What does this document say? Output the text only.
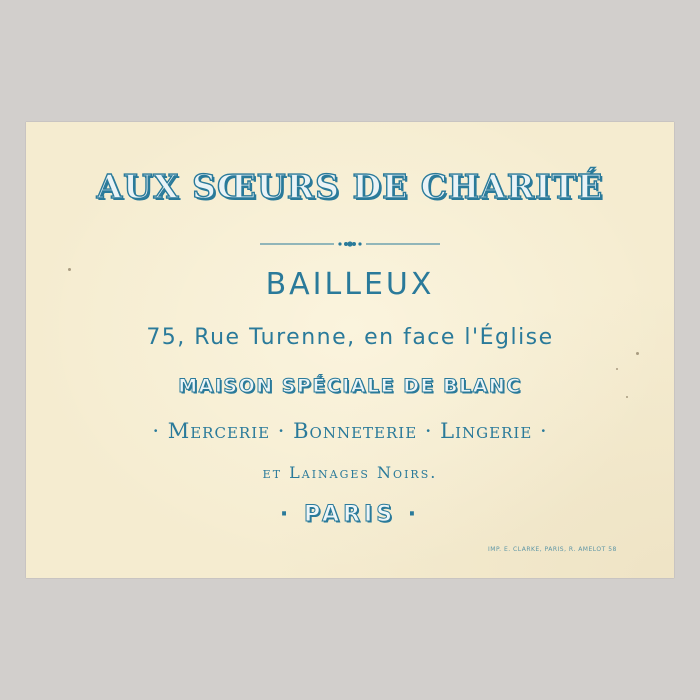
AUX SŒURS DE CHARITÉ
BAILLEUX
75, Rue Turenne, en face l'Église
MAISON SPÉCIALE DE BLANC
· Mercerie · Bonneterie · Lingerie ·
et Lainages Noirs.
· PARIS ·
IMP. E. CLARKE, PARIS, R. AMELOT 58
